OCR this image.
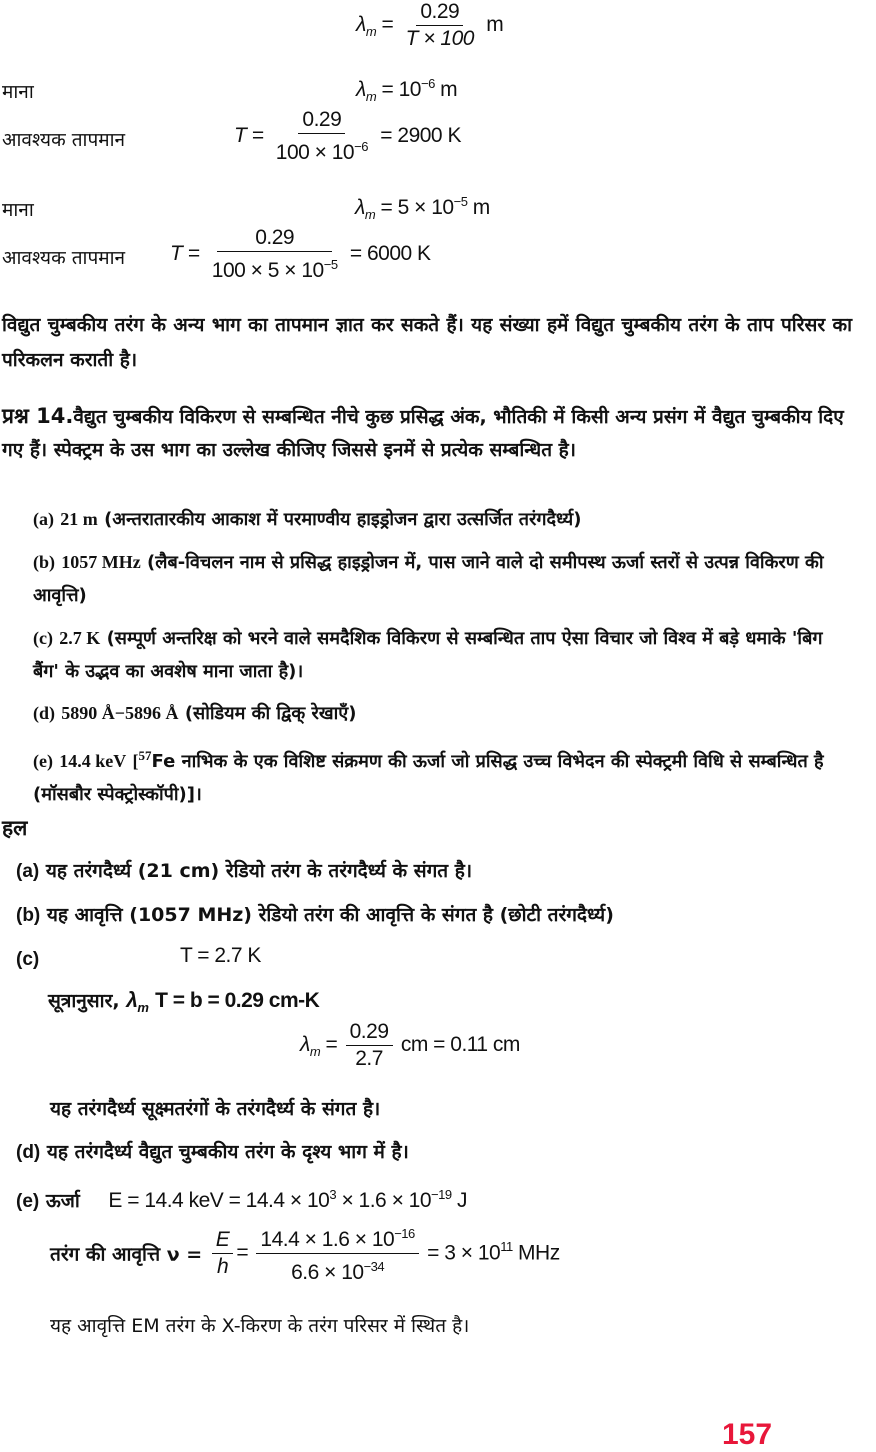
$\lambda_m = \frac{0.29}{T \times 100}$ m
माना	$\lambda_m = 10^{-6}$ m
आवश्यक तापमान	$T = \frac{0.29}{100 \times 10^{-6}} = 2900$ K
माना	$\lambda_m = 5 \times 10^{-5}$ m
आवश्यक तापमान $T = \frac{0.29}{100 \times 5 \times 10^{-5}} = 6000$ K
विद्युत चुम्बकीय तरंग के अन्य भाग का तापमान ज्ञात कर सकते हैं। यह संख्या हमें विद्युत चुम्बकीय तरंग के ताप परिसर का परिकलन कराती है।
प्रश्न 14.वैद्युत चुम्बकीय विकिरण से सम्बन्धित नीचे कुछ प्रसिद्ध अंक, भौतिकी में किसी अन्य प्रसंग में वैद्युत चुम्बकीय दिए गए हैं। स्पेक्ट्रम के उस भाग का उल्लेख कीजिए जिससे इनमें से प्रत्येक सम्बन्धित है।
(a) 21 m (अन्तरातारकीय आकाश में परमाण्वीय हाइड्रोजन द्वारा उत्सर्जित तरंगदैर्ध्य)
(b) 1057 MHz (लैब-विचलन नाम से प्रसिद्ध हाइड्रोजन में, पास जाने वाले दो समीपस्थ ऊर्जा स्तरों से उत्पन्न विकिरण की आवृत्ति)
(c) 2.7 K (सम्पूर्ण अन्तरिक्ष को भरने वाले समदैशिक विकिरण से सम्बन्धित ताप ऐसा विचार जो विश्व में बड़े धमाके 'बिग बैंग' के उद्भव का अवशेष माना जाता है)।
(d) 5890 Å−5896 Å (सोडियम की द्विक् रेखाएँ)
(e) 14.4 keV [$^{57}$Fe नाभिक के एक विशिष्ट संक्रमण की ऊर्जा जो प्रसिद्ध उच्च विभेदन की स्पेक्ट्रमी विधि से सम्बन्धित है (मॉसबौर स्पेक्ट्रोस्कॉपी)]।
हल
(a) यह तरंगदैर्ध्य (21 cm) रेडियो तरंग के तरंगदैर्ध्य के संगत है।
(b) यह आवृत्ति (1057 MHz) रेडियो तरंग की आवृत्ति के संगत है (छोटी तरंगदैर्ध्य)
(c)	T = 2.7 K
सूत्रानुसार, $\lambda_m$ T = b = 0.29 cm-K
$\lambda_m = \frac{0.29}{2.7}$ cm = 0.11 cm
यह तरंगदैर्ध्य सूक्ष्मतरंगों के तरंगदैर्ध्य के संगत है।
(d) यह तरंगदैर्ध्य वैद्युत चुम्बकीय तरंग के दृश्य भाग में है।
(e) ऊर्जा E = 14.4 keV = $14.4 \times 10^3 \times 1.6 \times 10^{-19}$ J
तरंग की आवृत्ति $\nu = \frac{E}{h} = \frac{14.4 \times 1.6 \times 10^{-16}}{6.6 \times 10^{-34}} = 3 \times 10^{11}$ MHz
यह आवृत्ति EM तरंग के X-किरण के तरंग परिसर में स्थित है।
157
